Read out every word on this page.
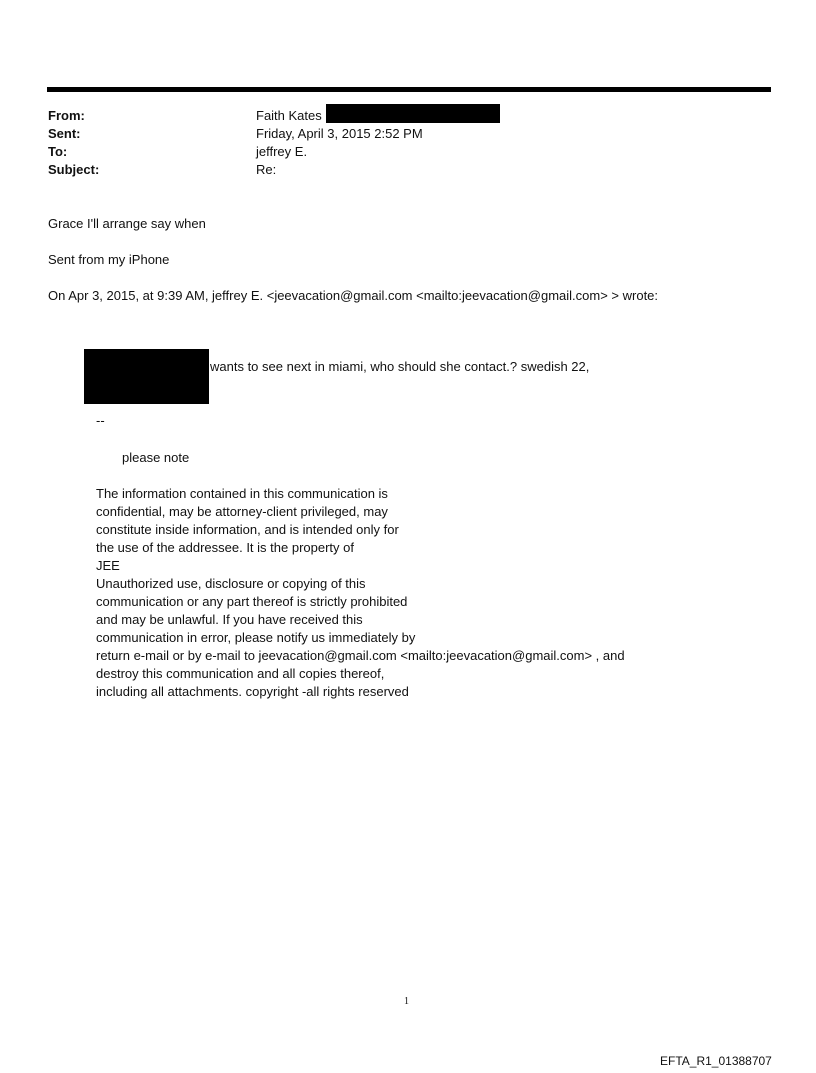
From:	Faith Kates
Sent:	Friday, April 3, 2015 2:52 PM
To:	jeffrey E.
Subject:	Re:
Grace I'll arrange say when
Sent from my iPhone
On Apr 3, 2015, at 9:39 AM, jeffrey E. <jeevacation@gmail.com <mailto:jeevacation@gmail.com> > wrote:
wants to see next in miami, who should she contact.? swedish 22,
--
please note
The information contained in this communication is
confidential, may be attorney-client privileged, may
constitute inside information, and is intended only for
the use of the addressee. It is the property of
JEE
Unauthorized use, disclosure or copying of this
communication or any part thereof is strictly prohibited
and may be unlawful. If you have received this
communication in error, please notify us immediately by
return e-mail or by e-mail to jeevacation@gmail.com <mailto:jeevacation@gmail.com> , and
destroy this communication and all copies thereof,
including all attachments. copyright -all rights reserved
1
EFTA_R1_01388707
